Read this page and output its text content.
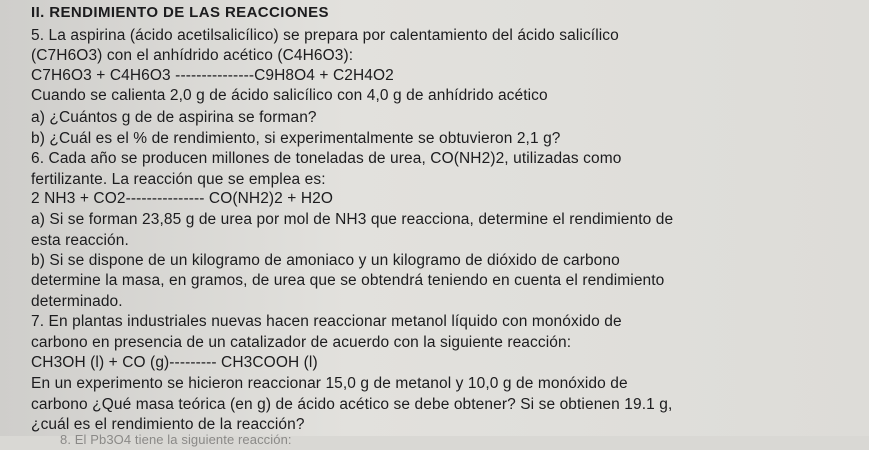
II. RENDIMIENTO DE LAS REACCIONES
5. La aspirina (ácido acetilsalicílico) se prepara por calentamiento del ácido salicílico
(C7H6O3) con el anhídrido acético (C4H6O3):
C7H6O3 + C4H6O3 ---------------C9H8O4 + C2H4O2
Cuando se calienta 2,0 g de ácido salicílico con 4,0 g de anhídrido acético
a) ¿Cuántos g de de aspirina se forman?
b) ¿Cuál es el % de rendimiento, si experimentalmente se obtuvieron 2,1 g?
6. Cada año se producen millones de toneladas de urea, CO(NH2)2, utilizadas como
fertilizante. La reacción que se emplea es:
2 NH3 + CO2--------------- CO(NH2)2 + H2O
a) Si se forman 23,85 g de urea por mol de NH3 que reacciona, determine el rendimiento de
esta reacción.
b) Si se dispone de un kilogramo de amoniaco y un kilogramo de dióxido de carbono
determine la masa, en gramos, de urea que se obtendrá teniendo en cuenta el rendimiento
determinado.
7. En plantas industriales nuevas hacen reaccionar metanol líquido con monóxido de
carbono en presencia de un catalizador de acuerdo con la siguiente reacción:
CH3OH (l) + CO (g)--------- CH3COOH (l)
En un experimento se hicieron reaccionar 15,0 g de metanol y 10,0 g de monóxido de
carbono ¿Qué masa teórica (en g) de ácido acético se debe obtener? Si se obtienen 19.1 g,
¿cuál es el rendimiento de la reacción?
8. El Pb3O4 tiene la siguiente reacción:
